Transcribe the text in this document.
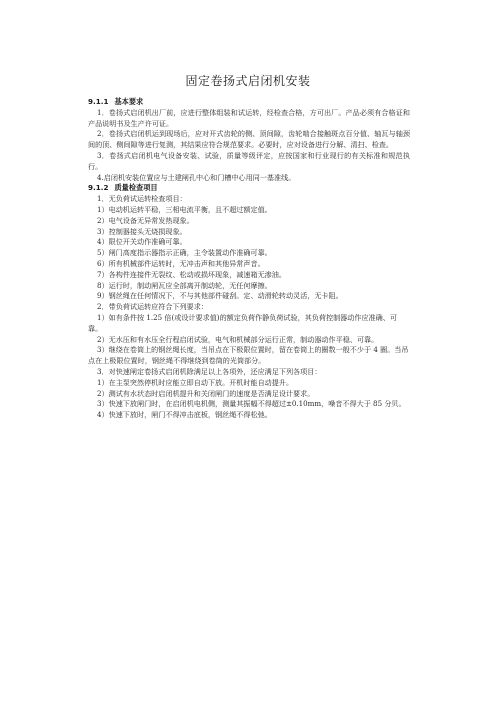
固定卷扬式启闭机安装
9.1.1 基本要求
1．卷扬式启闭机出厂前，应进行整体组装和试运转，经检查合格，方可出厂。产品必须有合格证和产品说明书及生产许可证。
2．卷扬式启闭机运到现场后，应对开式齿轮的侧、顶间隙，齿轮啮合接触斑点百分值、轴瓦与轴颈间的顶、侧间隙等进行复测，其结果应符合规范要求。必要时，应对设备进行分解、清扫、检查。
3．卷扬式启闭机电气设备安装、试验，质量等级评定，应按国家和行业现行的有关标准和规范执行。
4.启闭机安装位置应与土建闸孔中心和门槽中心用同一基准线。
9.1.2 质量检查项目
1．无负荷试运转检查项目：
1）电动机运转平稳，三相电流平衡，且不超过额定值。
2）电气设备无异常发热现象。
3）控制器接头无烧损现象。
4）限位开关动作准确可靠。
5）闸门高度指示器指示正确，主令装置动作准确可靠。
6）所有机械部件运转时，无冲击声和其他异常声音。
7）各构件连接件无裂纹、松动或损坏现象，减速箱无渗油。
8）运行时，制动闸瓦应全部离开制动轮，无任何摩擦。
9）钢丝绳在任何情况下，不与其他部件碰刮。定、动滑轮转动灵活，无卡阻。
2．带负荷试运转应符合下列要求：
1）如有条件按 1.25 倍(或设计要求值)的额定负荷作静负荷试验，其负荷控制器动作应准确、可靠。
2）无水压和有水压全行程启闭试验，电气和机械部分运行正常，制动器动作平稳、可靠。
3）继绕在卷筒上的钢丝绳长度，当吊点在下极限位置时，留在卷筒上的圈数一般不少于 4 圈。当吊点在上极限位置时，钢丝绳不得继绕到卷筒的光筒部分。
3．对快速闸定卷扬式启闭机除满足以上各项外，还应满足下列各项目：
1）在主泵突然停机时应能立即自动下放。开机时能自动提升。
2）测试有水状态时启闭机提升和关闭闸门的速度是否满足设计要求。
3）快速下放闸门时，在启闭机电机侧，测量其振幅不得超过±0.10mm，噪音不得大于 85 分贝。
4）快速下放时，闸门不得冲击底板，钢丝绳不得松弛。
